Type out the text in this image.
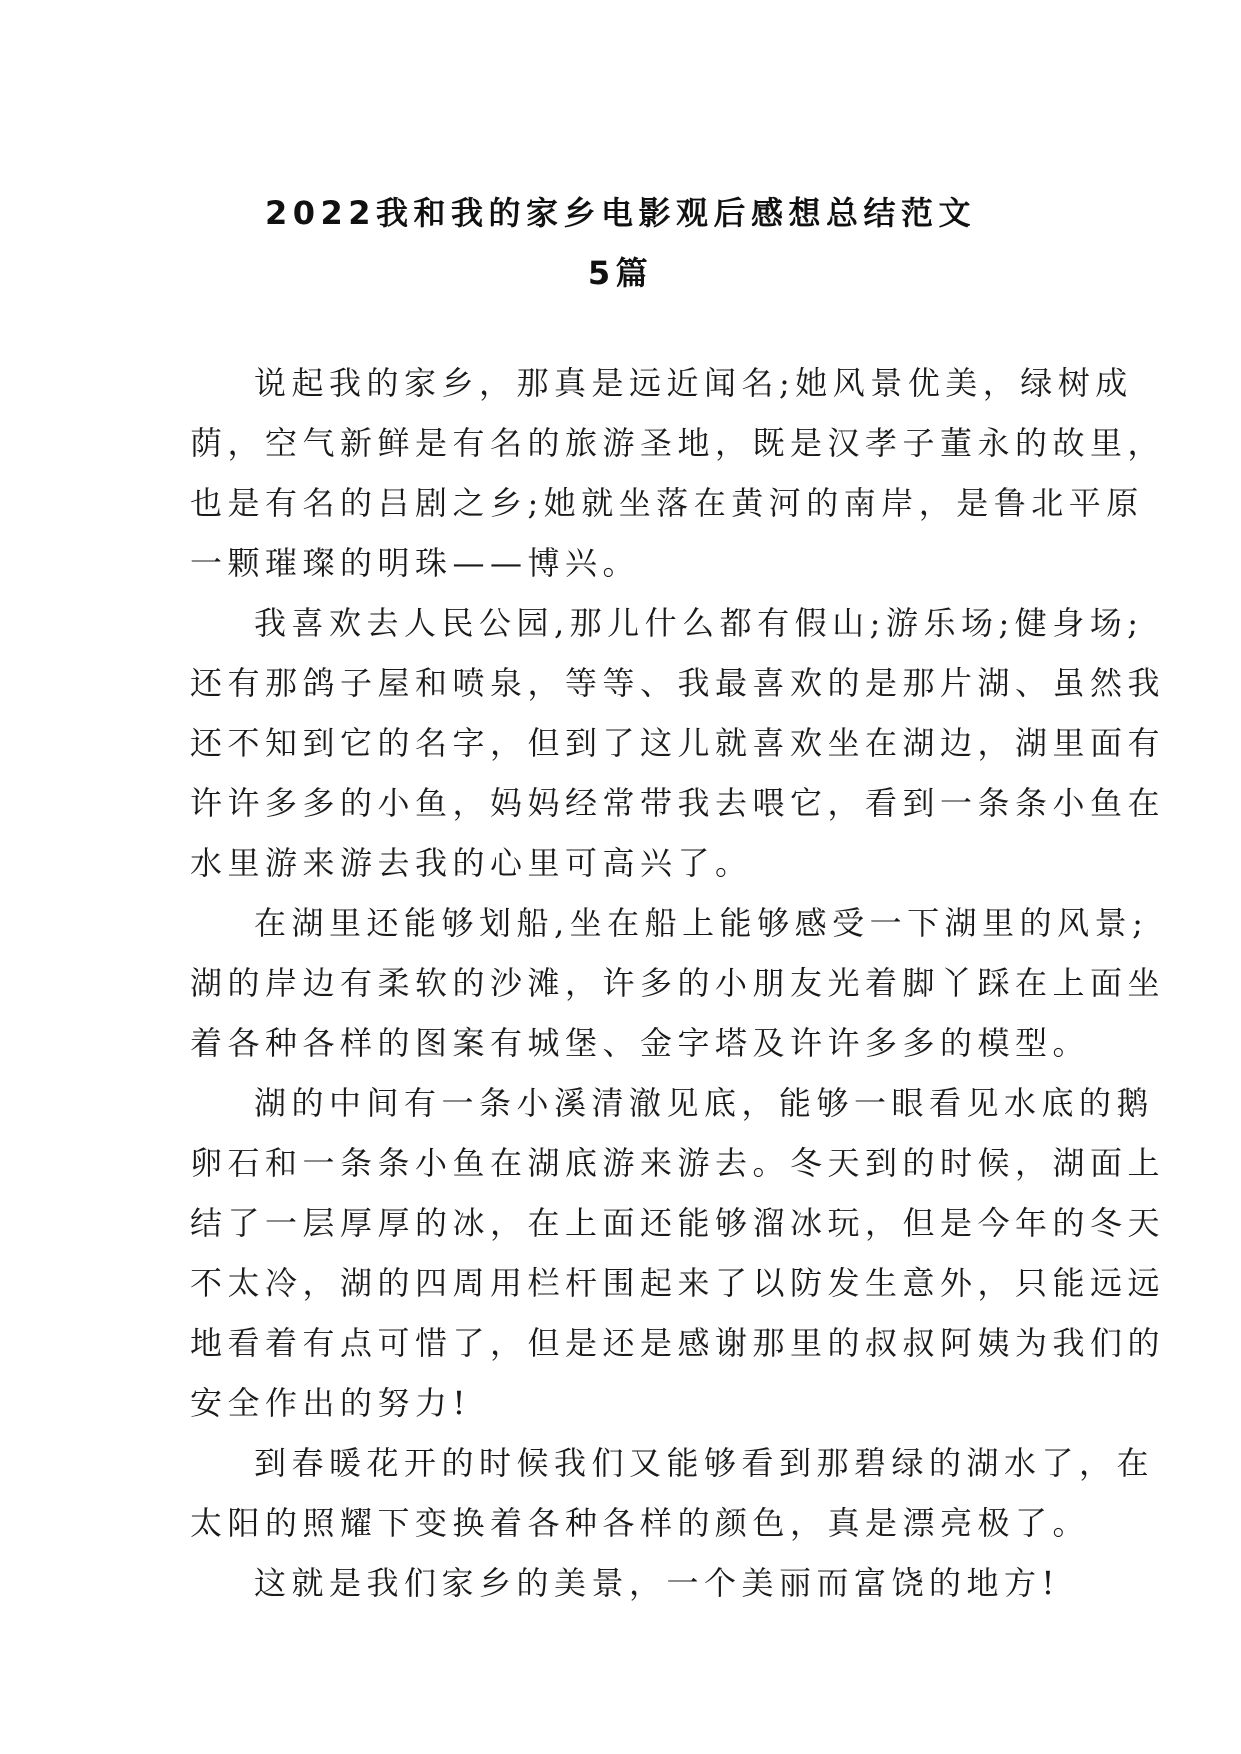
2022我和我的家乡电影观后感想总结范文
5篇
说起我的家乡，那真是远近闻名;她风景优美，绿树成
荫，空气新鲜是有名的旅游圣地，既是汉孝子董永的故里，
也是有名的吕剧之乡;她就坐落在黄河的南岸，是鲁北平原
一颗璀璨的明珠——博兴。
我喜欢去人民公园,那儿什么都有假山;游乐场;健身场;
还有那鸽子屋和喷泉，等等、我最喜欢的是那片湖、虽然我
还不知到它的名字，但到了这儿就喜欢坐在湖边，湖里面有
许许多多的小鱼，妈妈经常带我去喂它，看到一条条小鱼在
水里游来游去我的心里可高兴了。
在湖里还能够划船,坐在船上能够感受一下湖里的风景;
湖的岸边有柔软的沙滩，许多的小朋友光着脚丫踩在上面坐
着各种各样的图案有城堡、金字塔及许许多多的模型。
湖的中间有一条小溪清澈见底，能够一眼看见水底的鹅
卵石和一条条小鱼在湖底游来游去。冬天到的时候，湖面上
结了一层厚厚的冰，在上面还能够溜冰玩，但是今年的冬天
不太冷，湖的四周用栏杆围起来了以防发生意外，只能远远
地看着有点可惜了，但是还是感谢那里的叔叔阿姨为我们的
安全作出的努力!
到春暖花开的时候我们又能够看到那碧绿的湖水了，在
太阳的照耀下变换着各种各样的颜色，真是漂亮极了。
这就是我们家乡的美景，一个美丽而富饶的地方!
